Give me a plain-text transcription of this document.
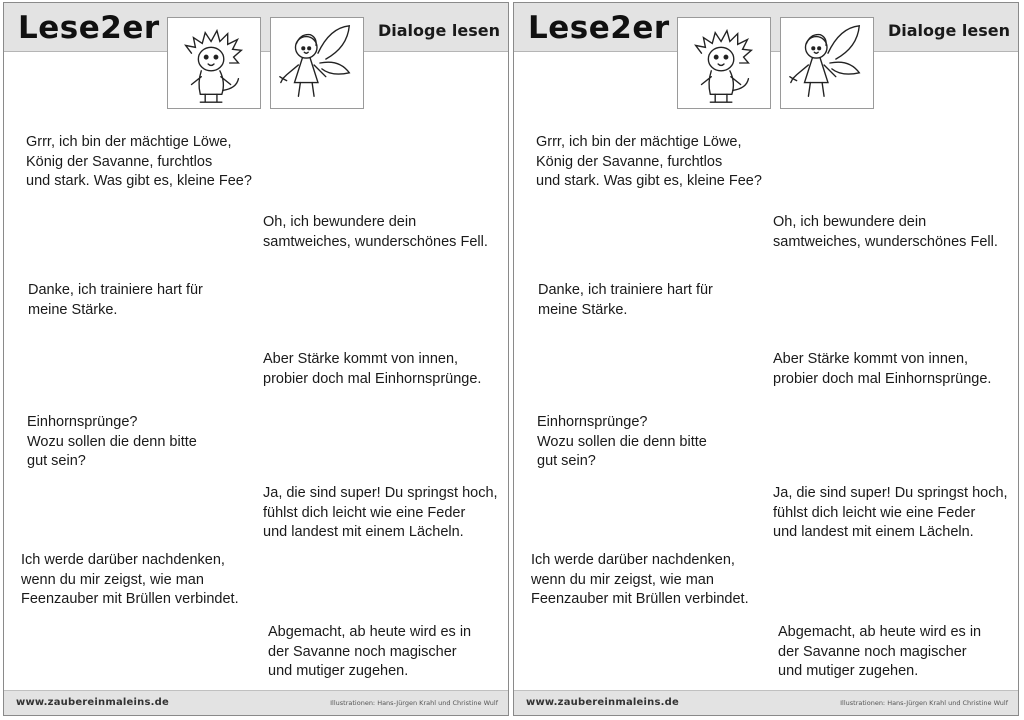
Lese2er	Dialoge lesen
Grrr, ich bin der mächtige Löwe,
König der Savanne, furchtlos
und stark. Was gibt es, kleine Fee?
Oh, ich bewundere dein
samtweiches, wunderschönes Fell.
Danke, ich trainiere hart für
meine Stärke.
Aber Stärke kommt von innen,
probier doch mal Einhornsprünge.
Einhornsprünge?
Wozu sollen die denn bitte
gut sein?
Ja, die sind super! Du springst hoch,
fühlst dich leicht wie eine Feder
und landest mit einem Lächeln.
Ich werde darüber nachdenken,
wenn du mir zeigst, wie man
Feenzauber mit Brüllen verbindet.
Abgemacht, ab heute wird es in
der Savanne noch magischer
und mutiger zugehen.
www.zaubereinmaleins.de	Illustrationen: Hans-Jürgen Krahl und Christine Wulf
Lese2er	Dialoge lesen
Grrr, ich bin der mächtige Löwe,
König der Savanne, furchtlos
und stark. Was gibt es, kleine Fee?
Oh, ich bewundere dein
samtweiches, wunderschönes Fell.
Danke, ich trainiere hart für
meine Stärke.
Aber Stärke kommt von innen,
probier doch mal Einhornsprünge.
Einhornsprünge?
Wozu sollen die denn bitte
gut sein?
Ja, die sind super! Du springst hoch,
fühlst dich leicht wie eine Feder
und landest mit einem Lächeln.
Ich werde darüber nachdenken,
wenn du mir zeigst, wie man
Feenzauber mit Brüllen verbindet.
Abgemacht, ab heute wird es in
der Savanne noch magischer
und mutiger zugehen.
www.zaubereinmaleins.de	Illustrationen: Hans-Jürgen Krahl und Christine Wulf
